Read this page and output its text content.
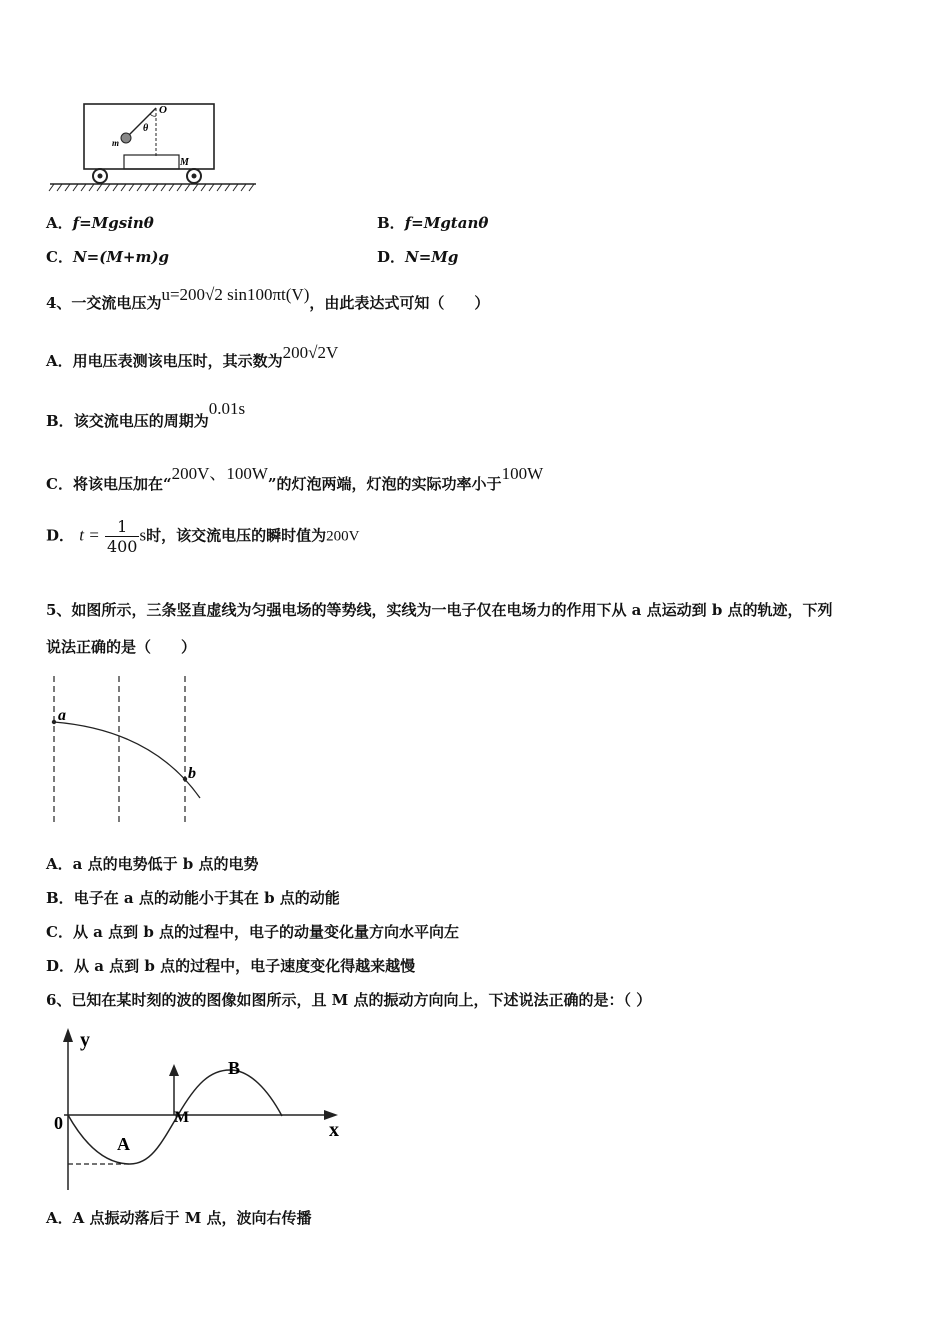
O
θ
m
M
A．f=Mgsinθ	B．f=Mgtanθ
C．N=(M+m)g	D．N=Mg
4、一交流电压为u=200√2 sin100πt(V)，由此表达式可知（　　）
A．用电压表测该电压时，其示数为200√2V
B．该交流电压的周期为0.01s
C．将该电压加在“200V、100W”的灯泡两端，灯泡的实际功率小于100W
D． $t = \frac{1}{400}$ s时，该交流电压的瞬时值为200V
5、如图所示，三条竖直虚线为匀强电场的等势线，实线为一电子仅在电场力的作用下从 a 点运动到 b 点的轨迹，下列
说法正确的是（　　）
a
b
A．a 点的电势低于 b 点的电势
B．电子在 a 点的动能小于其在 b 点的动能
C．从 a 点到 b 点的过程中，电子的动量变化量方向水平向左
D．从 a 点到 b 点的过程中，电子速度变化得越来越慢
6、已知在某时刻的波的图像如图所示，且 M 点的振动方向向上，下述说法正确的是：（ ）
y
x
0
A
B
M
A．A 点振动落后于 M 点，波向右传播
